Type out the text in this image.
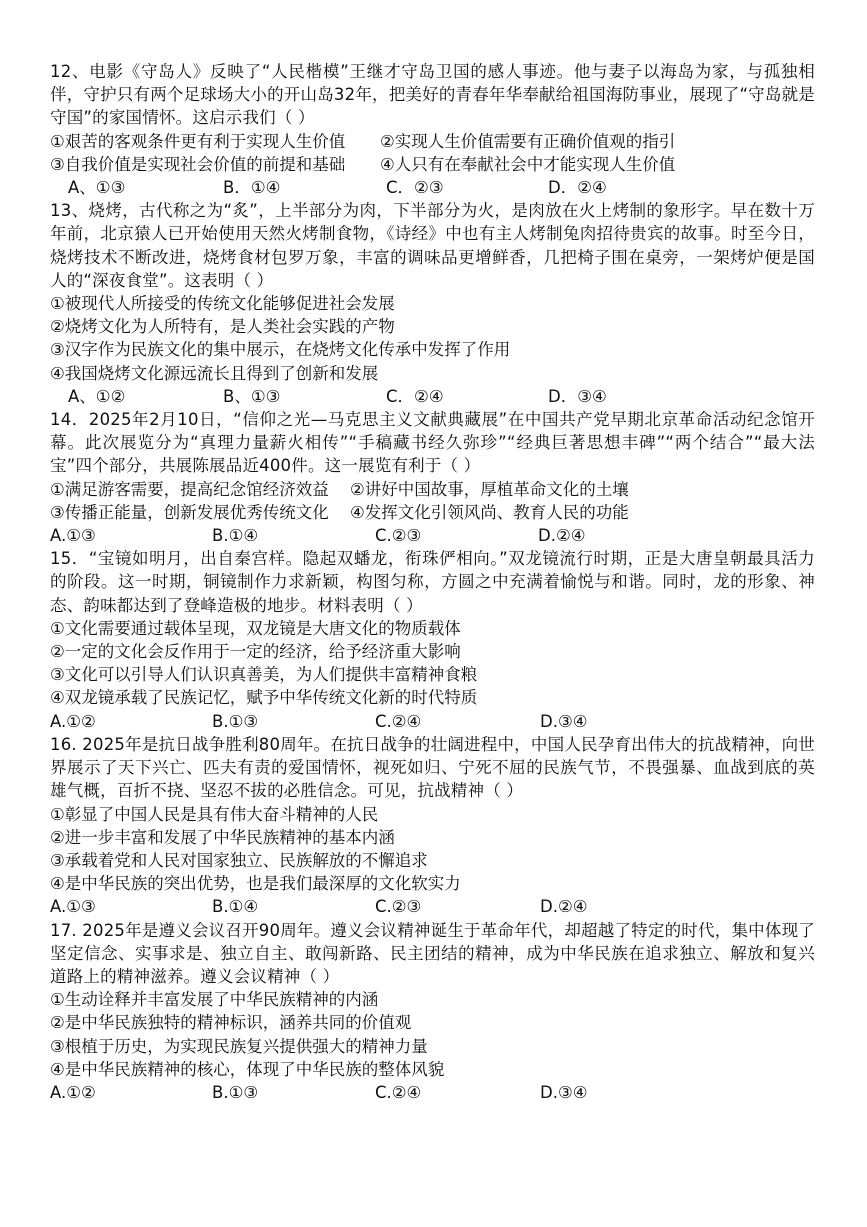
12、电影《守岛人》反映了“人民楷模”王继才守岛卫国的感人事迹。他与妻子以海岛为家，与孤独相伴，守护只有两个足球场大小的开山岛32年，把美好的青春年华奉献给祖国海防事业，展现了“守岛就是守国”的家国情怀。这启示我们（ ）

①艰苦的客观条件更有利于实现人生价值	②实现人生价值需要有正确价值观的指引
③自我价值是实现社会价值的前提和基础	④人只有在奉献社会中才能实现人生价值
A、①③	B．①④	C．②③	D．②④

13、烧烤，古代称之为“炙”，上半部分为肉，下半部分为火，是肉放在火上烤制的象形字。早在数十万年前，北京猿人已开始使用天然火烤制食物，《诗经》中也有主人烤制兔肉招待贵宾的故事。时至今日，烧烤技术不断改进，烧烤食材包罗万象，丰富的调味品更增鲜香，几把椅子围在桌旁，一架烤炉便是国人的“深夜食堂”。这表明（ ）

①被现代人所接受的传统文化能够促进社会发展

②烧烤文化为人所特有，是人类社会实践的产物

③汉字作为民族文化的集中展示，在烧烤文化传承中发挥了作用

④我国烧烤文化源远流长且得到了创新和发展

A、①②	B、①③	C．②④	D．③④

14．2025年2月10日，“信仰之光—马克思主义文献典藏展”在中国共产党早期北京革命活动纪念馆开幕。此次展览分为“真理力量薪火相传”“手稿藏书经久弥珍”“经典巨著思想丰碑”“两个结合”“最大法宝”四个部分，共展陈展品近400件。这一展览有利于（ ）

①满足游客需要，提高纪念馆经济效益	②讲好中国故事，厚植革命文化的土壤
③传播正能量，创新发展优秀传统文化	④发挥文化引领风尚、教育人民的功能
A.①③	B.①④	C.②③	D.②④

15．“宝镜如明月，出自秦宫样。隐起双蟠龙，衔珠俨相向。”双龙镜流行时期，正是大唐皇朝最具活力的阶段。这一时期，铜镜制作力求新颖，构图匀称，方圆之中充满着愉悦与和谐。同时，龙的形象、神态、韵味都达到了登峰造极的地步。材料表明（ ）

①文化需要通过载体呈现，双龙镜是大唐文化的物质载体

②一定的文化会反作用于一定的经济，给予经济重大影响

③文化可以引导人们认识真善美，为人们提供丰富精神食粮

④双龙镜承载了民族记忆，赋予中华传统文化新的时代特质

A.①②	B.①③	C.②④	D.③④

16. 2025年是抗日战争胜利80周年。在抗日战争的壮阔进程中，中国人民孕育出伟大的抗战精神，向世界展示了天下兴亡、匹夫有责的爱国情怀，视死如归、宁死不屈的民族气节，不畏强暴、血战到底的英雄气概，百折不挠、坚忍不拔的必胜信念。可见，抗战精神（ ）

①彰显了中国人民是具有伟大奋斗精神的人民

②进一步丰富和发展了中华民族精神的基本内涵

③承载着党和人民对国家独立、民族解放的不懈追求

④是中华民族的突出优势，也是我们最深厚的文化软实力

A.①③	B.①④	C.②③	D.②④

17. 2025年是遵义会议召开90周年。遵义会议精神诞生于革命年代，却超越了特定的时代，集中体现了坚定信念、实事求是、独立自主、敢闯新路、民主团结的精神，成为中华民族在追求独立、解放和复兴道路上的精神滋养。遵义会议精神（ ）

①生动诠释并丰富发展了中华民族精神的内涵

②是中华民族独特的精神标识，涵养共同的价值观

③根植于历史，为实现民族复兴提供强大的精神力量

④是中华民族精神的核心，体现了中华民族的整体风貌

A.①②	B.①③	C.②④	D.③④
